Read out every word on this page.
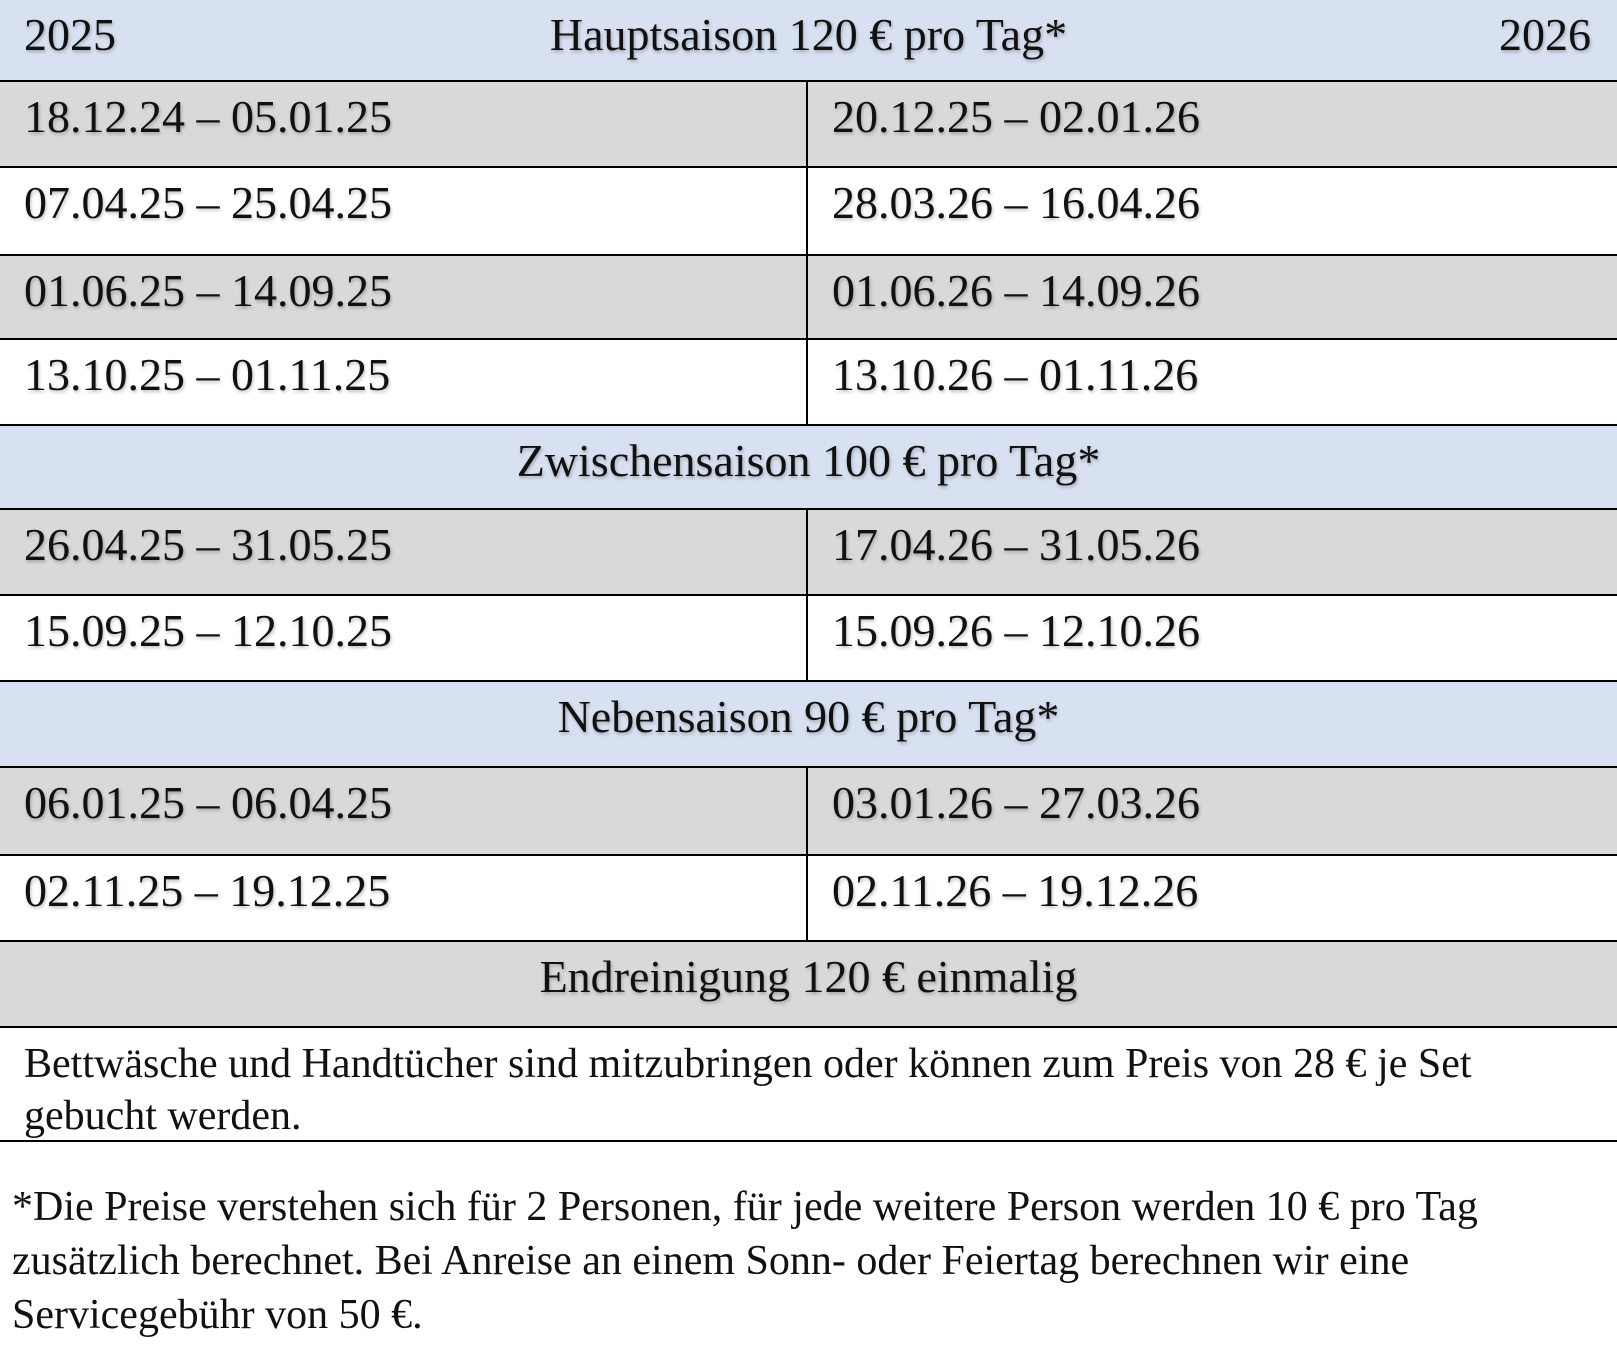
2025	Hauptsaison 120 € pro Tag*	2026
18.12.24 – 05.01.25	20.12.25 – 02.01.26
07.04.25 – 25.04.25	28.03.26 – 16.04.26
01.06.25 – 14.09.25	01.06.26 – 14.09.26
13.10.25 – 01.11.25	13.10.26 – 01.11.26
Zwischensaison 100 € pro Tag*
26.04.25 – 31.05.25	17.04.26 – 31.05.26
15.09.25 – 12.10.25	15.09.26 – 12.10.26
Nebensaison 90 € pro Tag*
06.01.25 – 06.04.25	03.01.26 – 27.03.26
02.11.25 – 19.12.25	02.11.26 – 19.12.26
Endreinigung 120 € einmalig
Bettwäsche und Handtücher sind mitzubringen oder können zum Preis von 28 € je Set gebucht werden.
*Die Preise verstehen sich für 2 Personen, für jede weitere Person werden 10 € pro Tag zusätzlich berechnet. Bei Anreise an einem Sonn- oder Feiertag berechnen wir eine Servicegebühr von 50 €.
